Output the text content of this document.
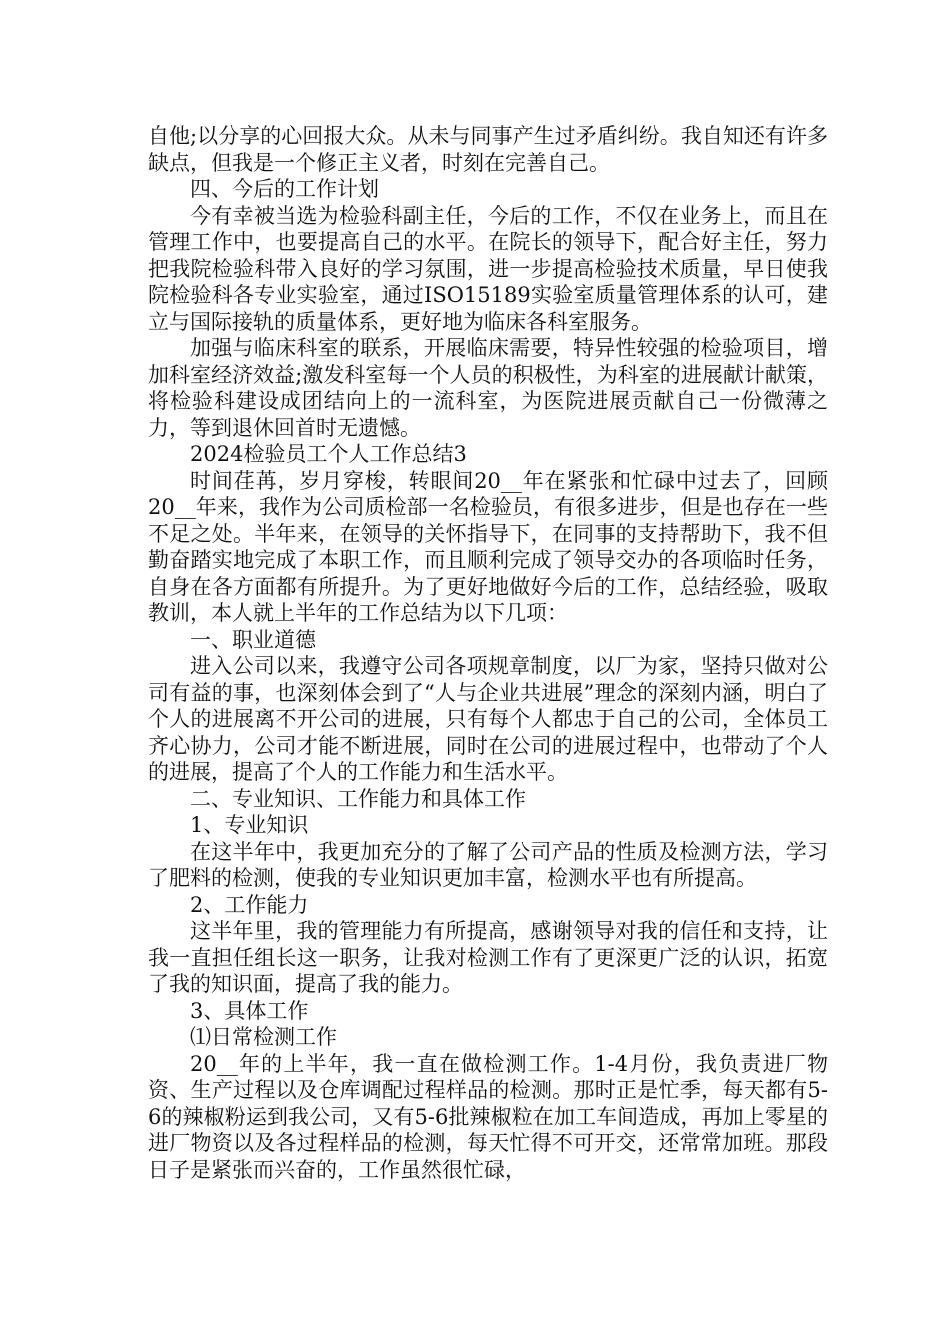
自他;以分享的心回报大众。从未与同事产生过矛盾纠纷。我自知还有许多缺点，但我是一个修正主义者，时刻在完善自己。

四、今后的工作计划

今有幸被当选为检验科副主任，今后的工作，不仅在业务上，而且在管理工作中，也要提高自己的水平。在院长的领导下，配合好主任，努力把我院检验科带入良好的学习氛围，进一步提高检验技术质量，早日使我院检验科各专业实验室，通过ISO15189实验室质量管理体系的认可，建立与国际接轨的质量体系，更好地为临床各科室服务。

加强与临床科室的联系，开展临床需要，特异性较强的检验项目，增加科室经济效益;激发科室每一个人员的积极性，为科室的进展献计献策，将检验科建设成团结向上的一流科室，为医院进展贡献自己一份微薄之力，等到退休回首时无遗憾。

2024检验员工个人工作总结3

时间荏苒，岁月穿梭，转眼间20__年在紧张和忙碌中过去了，回顾20__年来，我作为公司质检部一名检验员，有很多进步，但是也存在一些不足之处。半年来，在领导的关怀指导下，在同事的支持帮助下，我不但勤奋踏实地完成了本职工作，而且顺利完成了领导交办的各项临时任务，自身在各方面都有所提升。为了更好地做好今后的工作，总结经验，吸取教训，本人就上半年的工作总结为以下几项：

一、职业道德

进入公司以来，我遵守公司各项规章制度，以厂为家，坚持只做对公司有益的事，也深刻体会到了“人与企业共进展”理念的深刻内涵，明白了个人的进展离不开公司的进展，只有每个人都忠于自己的公司，全体员工齐心协力，公司才能不断进展，同时在公司的进展过程中，也带动了个人的进展，提高了个人的工作能力和生活水平。

二、专业知识、工作能力和具体工作

1、专业知识

在这半年中，我更加充分的了解了公司产品的性质及检测方法，学习了肥料的检测，使我的专业知识更加丰富，检测水平也有所提高。

2、工作能力

这半年里，我的管理能力有所提高，感谢领导对我的信任和支持，让我一直担任组长这一职务，让我对检测工作有了更深更广泛的认识，拓宽了我的知识面，提高了我的能力。

3、具体工作

⑴日常检测工作

20__年的上半年，我一直在做检测工作。1-4月份，我负责进厂物资、生产过程以及仓库调配过程样品的检测。那时正是忙季，每天都有5-6的辣椒粉运到我公司，又有5-6批辣椒粒在加工车间造成，再加上零星的进厂物资以及各过程样品的检测，每天忙得不可开交，还常常加班。那段日子是紧张而兴奋的，工作虽然很忙碌，
